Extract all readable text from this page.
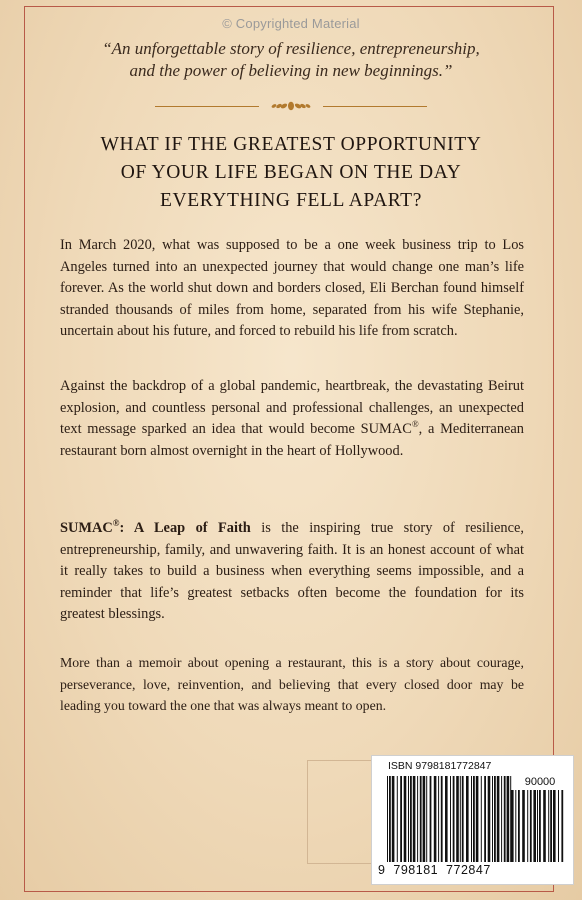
© Copyrighted Material
“An unforgettable story of resilience, entrepreneurship,
and the power of believing in new beginnings.”
WHAT IF THE GREATEST OPPORTUNITY
OF YOUR LIFE BEGAN ON THE DAY
EVERYTHING FELL APART?

In March 2020, what was supposed to be a one week business trip to Los Angeles turned into an unexpected journey that would change one man’s life forever. As the world shut down and borders closed, Eli Berchan found himself stranded thousands of miles from home, separated from his wife Stephanie, uncertain about his future, and forced to rebuild his life from scratch.

Against the backdrop of a global pandemic, heartbreak, the devastating Beirut explosion, and countless personal and professional challenges, an unexpected text message sparked an idea that would become SUMAC®, a Mediterranean restaurant born almost overnight in the heart of Hollywood.

SUMAC®: A Leap of Faith is the inspiring true story of resilience, entrepreneurship, family, and unwavering faith. It is an honest account of what it really takes to build a business when everything seems impossible, and a reminder that life’s greatest setbacks often become the foundation for its greatest blessings.

More than a memoir about opening a restaurant, this is a story about courage, perseverance, love, reinvention, and believing that every closed door may be leading you toward the one that was always meant to open.

ISBN 9798181772847
90000
9  798181  772847
